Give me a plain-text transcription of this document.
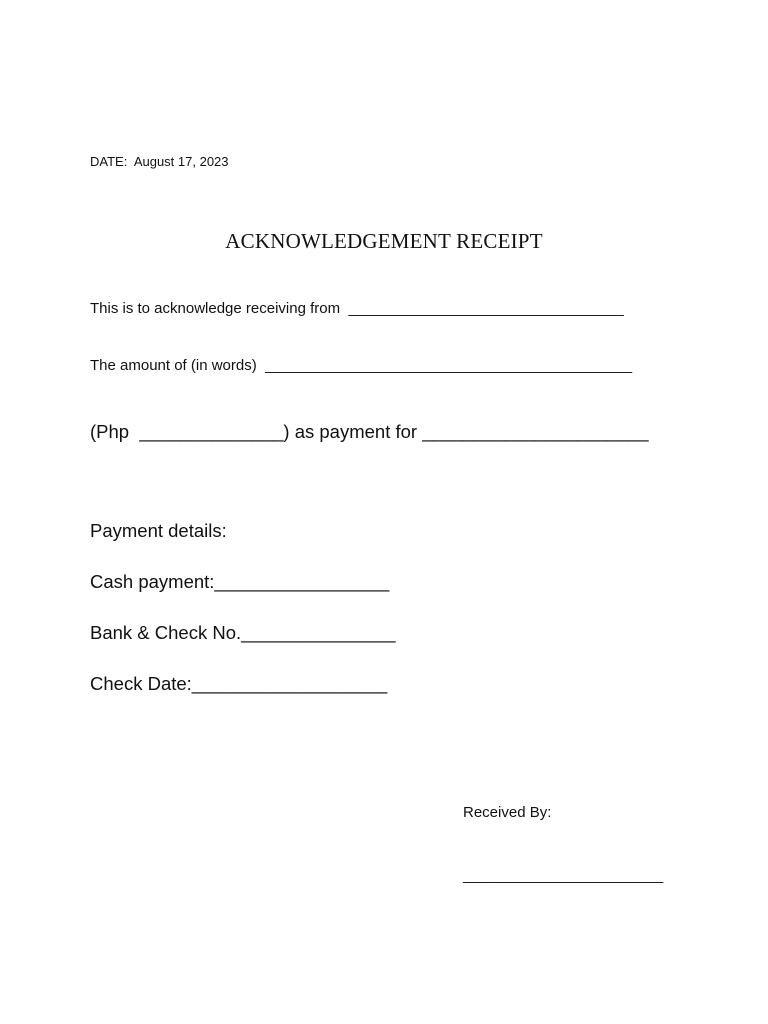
DATE:  August 17, 2023
ACKNOWLEDGEMENT RECEIPT
This is to acknowledge receiving from  _________________________________
The amount of (in words)  ____________________________________________
(Php  ______________) as payment for ______________________
Payment details:
Cash payment:_________________
Bank & Check No._______________
Check Date:___________________
Received By:
________________________
